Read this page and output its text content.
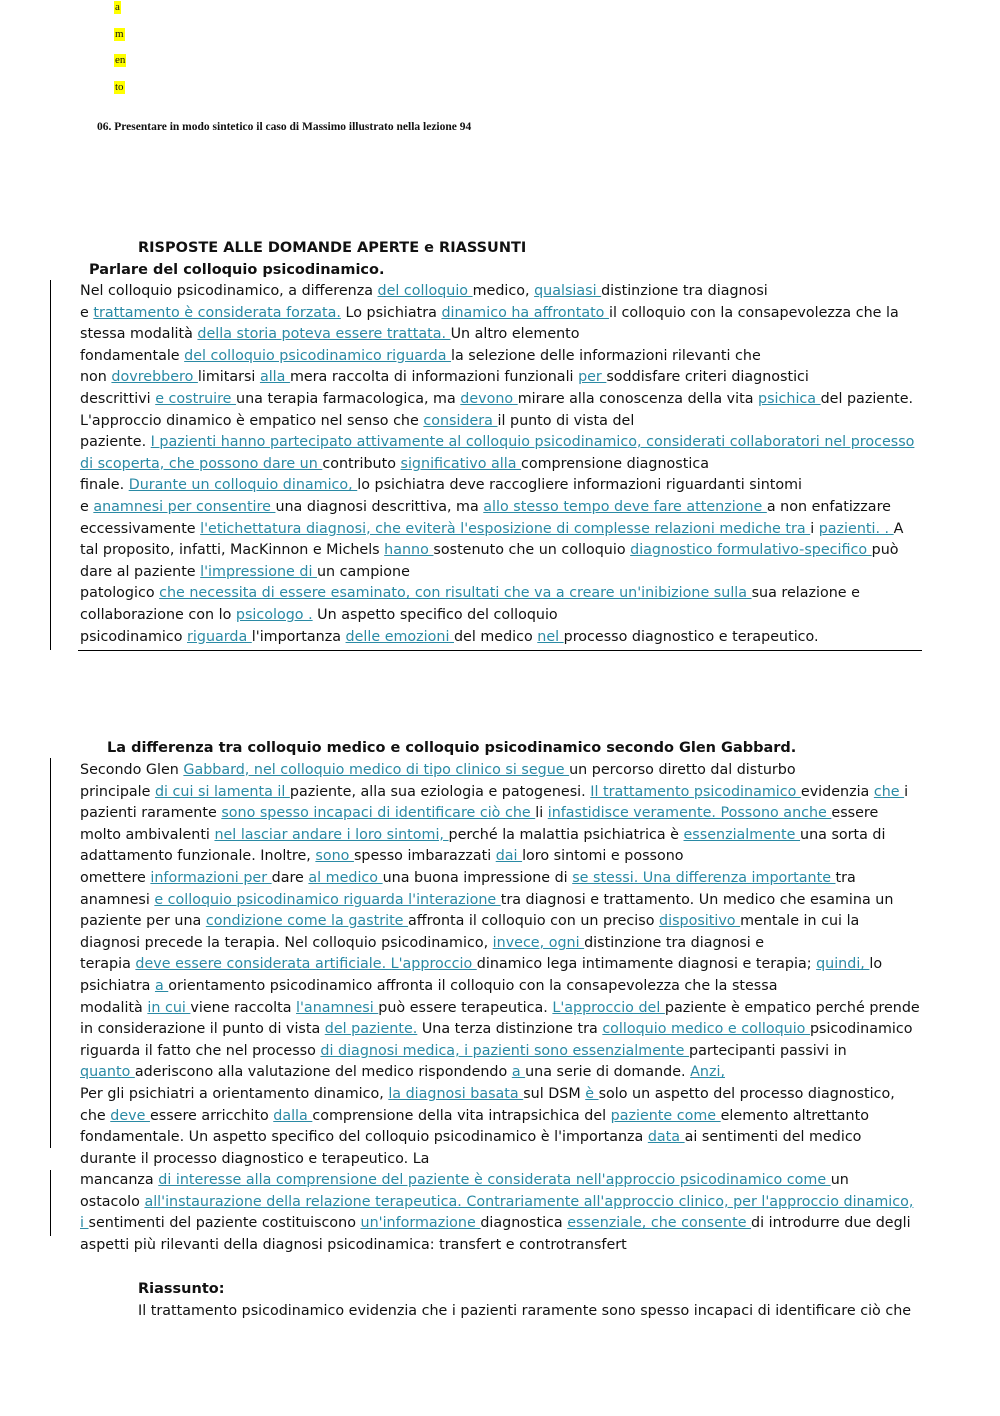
a
m
en
to
06. Presentare in modo sintetico il caso di Massimo illustrato nella lezione 94
RISPOSTE ALLE DOMANDE APERTE e RIASSUNTI
Parlare del colloquio psicodinamico.
Nel colloquio psicodinamico, a differenza del colloquio medico, qualsiasi distinzione tra diagnosi
e trattamento è considerata forzata. Lo psichiatra dinamico ha affrontato il colloquio con la consapevolezza che la
stessa modalità della storia poteva essere trattata. Un altro elemento
fondamentale del colloquio psicodinamico riguarda la selezione delle informazioni rilevanti che
non dovrebbero limitarsi alla mera raccolta di informazioni funzionali per soddisfare criteri diagnostici
descrittivi e costruire una terapia farmacologica, ma devono mirare alla conoscenza della vita psichica del paziente.
L'approccio dinamico è empatico nel senso che considera il punto di vista del
paziente. I pazienti hanno partecipato attivamente al colloquio psicodinamico, considerati collaboratori nel processo
di scoperta, che possono dare un contributo significativo alla comprensione diagnostica
finale. Durante un colloquio dinamico, lo psichiatra deve raccogliere informazioni riguardanti sintomi
e anamnesi per consentire una diagnosi descrittiva, ma allo stesso tempo deve fare attenzione a non enfatizzare
eccessivamente l'etichettatura diagnosi, che eviterà l'esposizione di complesse relazioni mediche tra i pazienti. . A
tal proposito, infatti, MacKinnon e Michels hanno sostenuto che un colloquio diagnostico formulativo-specifico può
dare al paziente l'impressione di un campione
patologico che necessita di essere esaminato, con risultati che va a creare un'inibizione sulla sua relazione e
collaborazione con lo psicologo . Un aspetto specifico del colloquio
psicodinamico riguarda l'importanza delle emozioni del medico nel processo diagnostico e terapeutico.
La differenza tra colloquio medico e colloquio psicodinamico secondo Glen Gabbard.
Secondo Glen Gabbard, nel colloquio medico di tipo clinico si segue un percorso diretto dal disturbo
principale di cui si lamenta il paziente, alla sua eziologia e patogenesi. Il trattamento psicodinamico evidenzia che i
pazienti raramente sono spesso incapaci di identificare ciò che li infastidisce veramente. Possono anche essere
molto ambivalenti nel lasciar andare i loro sintomi, perché la malattia psichiatrica è essenzialmente una sorta di
adattamento funzionale. Inoltre, sono spesso imbarazzati dai loro sintomi e possono
omettere informazioni per dare al medico una buona impressione di se stessi. Una differenza importante tra
anamnesi e colloquio psicodinamico riguarda l'interazione tra diagnosi e trattamento. Un medico che esamina un
paziente per una condizione come la gastrite affronta il colloquio con un preciso dispositivo mentale in cui la
diagnosi precede la terapia. Nel colloquio psicodinamico, invece, ogni distinzione tra diagnosi e
terapia deve essere considerata artificiale. L'approccio dinamico lega intimamente diagnosi e terapia; quindi, lo
psichiatra a orientamento psicodinamico affronta il colloquio con la consapevolezza che la stessa
modalità in cui viene raccolta l'anamnesi può essere terapeutica. L'approccio del paziente è empatico perché prende
in considerazione il punto di vista del paziente. Una terza distinzione tra colloquio medico e colloquio psicodinamico
riguarda il fatto che nel processo di diagnosi medica, i pazienti sono essenzialmente partecipanti passivi in
quanto aderiscono alla valutazione del medico rispondendo a una serie di domande. Anzi,
Per gli psichiatri a orientamento dinamico, la diagnosi basata sul DSM è solo un aspetto del processo diagnostico,
che deve essere arricchito dalla comprensione della vita intrapsichica del paziente come elemento altrettanto
fondamentale. Un aspetto specifico del colloquio psicodinamico è l'importanza data ai sentimenti del medico
durante il processo diagnostico e terapeutico. La
mancanza di interesse alla comprensione del paziente è considerata nell'approccio psicodinamico come un
ostacolo all'instaurazione della relazione terapeutica. Contrariamente all'approccio clinico, per l'approccio dinamico,
i sentimenti del paziente costituiscono un'informazione diagnostica essenziale, che consente di introdurre due degli
aspetti più rilevanti della diagnosi psicodinamica: transfert e controtransfert
Riassunto:
Il trattamento psicodinamico evidenzia che i pazienti raramente sono spesso incapaci di identificare ciò che
